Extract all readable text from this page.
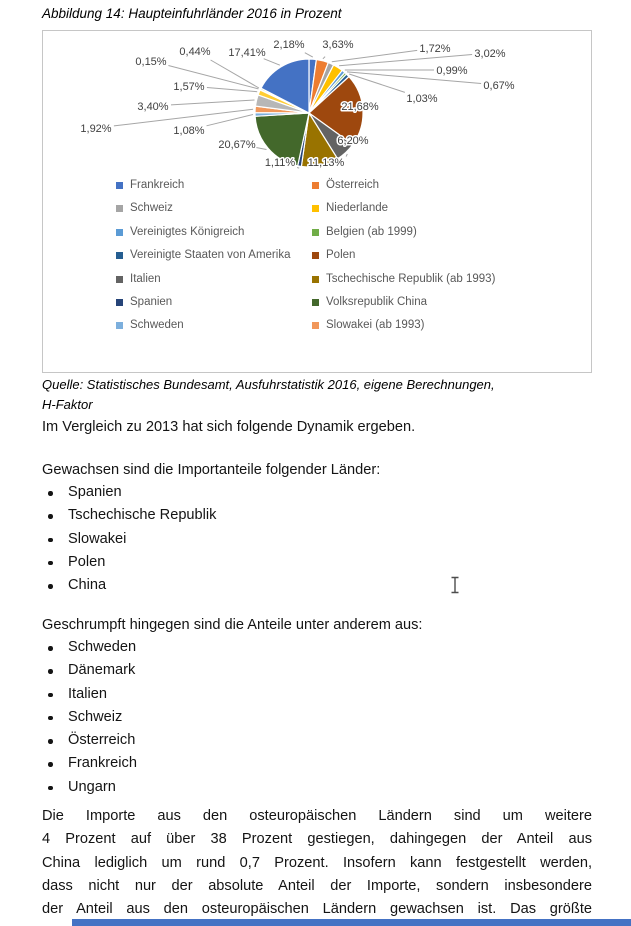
Abbildung 14: Haupteinfuhrländer 2016 in Prozent
2,18% 3,63%	1,72% 3,02%
0,99%
0,67%
1,03%
21,68%
6,20%
11,13%
1,11%
20,67%
1,08%
1,92%
3,40%
1,57%
0,15%
0,44% 17,41%
Frankreich	Österreich
Schweiz	Niederlande
Vereinigtes Königreich	Belgien (ab 1999)
Vereinigte Staaten von Amerika	Polen
Italien	Tschechische Republik (ab 1993)
Spanien	Volksrepublik China
Schweden	Slowakei (ab 1993)
Quelle: Statistisches Bundesamt, Ausfuhrstatistik 2016, eigene Berechnungen,
H-Faktor
Im Vergleich zu 2013 hat sich folgende Dynamik ergeben.
Gewachsen sind die Importanteile folgender Länder:
Spanien
Tschechische Republik
Slowakei
Polen
China
Geschrumpft hingegen sind die Anteile unter anderem aus:
Schweden
Dänemark
Italien
Schweiz
Österreich
Frankreich
Ungarn
Die Importe aus den osteuropäischen Ländern sind um weitere
4 Prozent auf über 38 Prozent gestiegen, dahingegen der Anteil aus
China lediglich um rund 0,7 Prozent. Insofern kann festgestellt werden,
dass nicht nur der absolute Anteil der Importe, sondern insbesondere
der Anteil aus den osteuropäischen Ländern gewachsen ist. Das größte
